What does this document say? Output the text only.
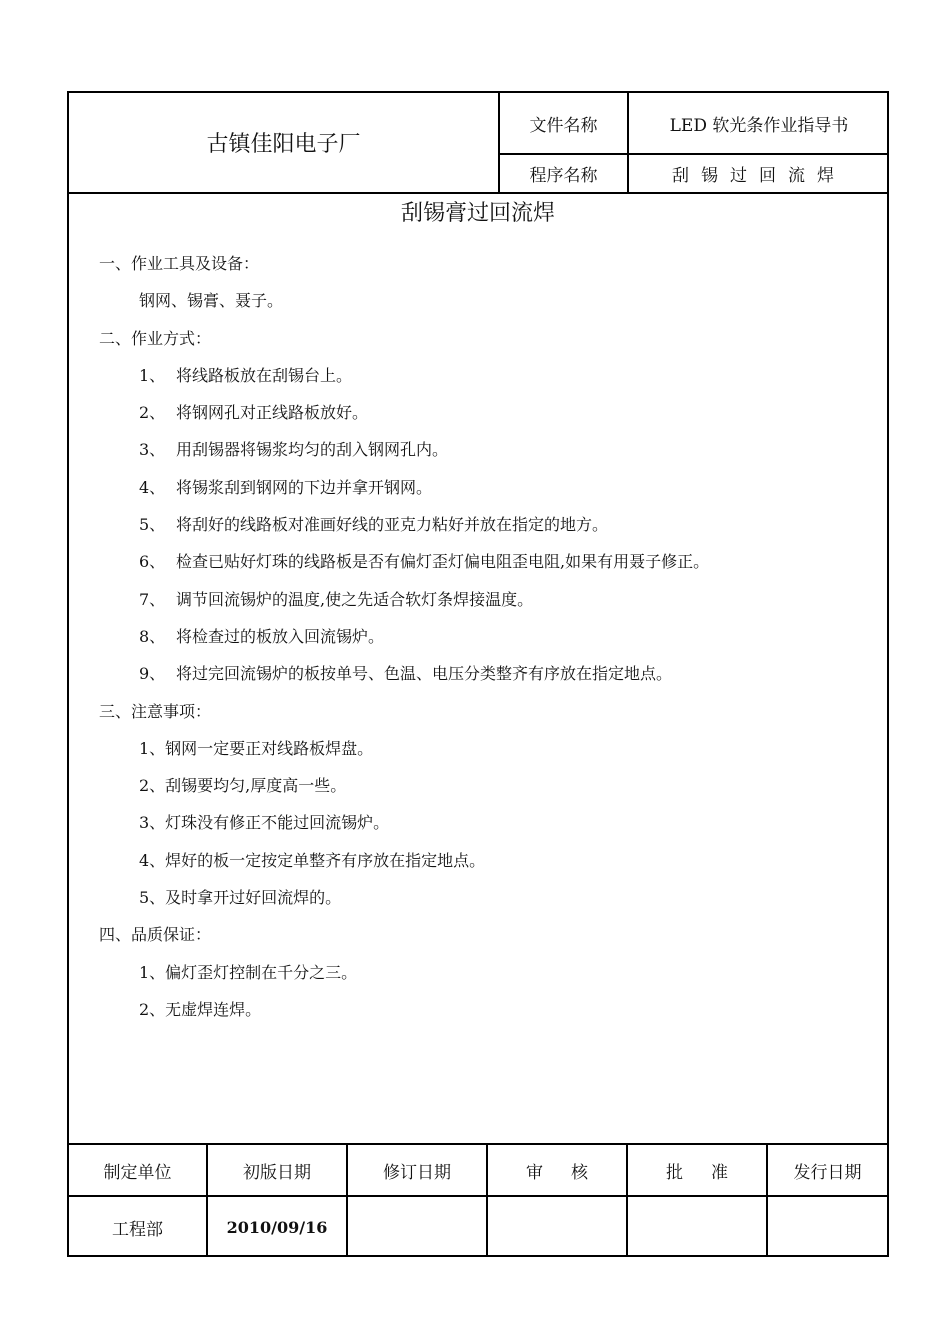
古镇佳阳电子厂
文件名称	LED 软光条作业指导书
程序名称	刮锡过回流焊
刮锡膏过回流焊
一、作业工具及设备：
钢网、锡膏、聂子。
二、作业方式：
1、 将线路板放在刮锡台上。
2、 将钢网孔对正线路板放好。
3、 用刮锡器将锡浆均匀的刮入钢网孔内。
4、 将锡浆刮到钢网的下边并拿开钢网。
5、 将刮好的线路板对准画好线的亚克力粘好并放在指定的地方。
6、 检查已贴好灯珠的线路板是否有偏灯歪灯偏电阻歪电阻,如果有用聂子修正。
7、 调节回流锡炉的温度,使之先适合软灯条焊接温度。
8、 将检查过的板放入回流锡炉。
9、 将过完回流锡炉的板按单号、色温、电压分类整齐有序放在指定地点。
三、注意事项：
1、钢网一定要正对线路板焊盘。
2、刮锡要均匀,厚度高一些。
3、灯珠没有修正不能过回流锡炉。
4、焊好的板一定按定单整齐有序放在指定地点。
5、及时拿开过好回流焊的。
四、品质保证：
1、偏灯歪灯控制在千分之三。
2、无虚焊连焊。
制定单位	初版日期	修订日期	审核	批准	发行日期
工程部	2010/09/16
